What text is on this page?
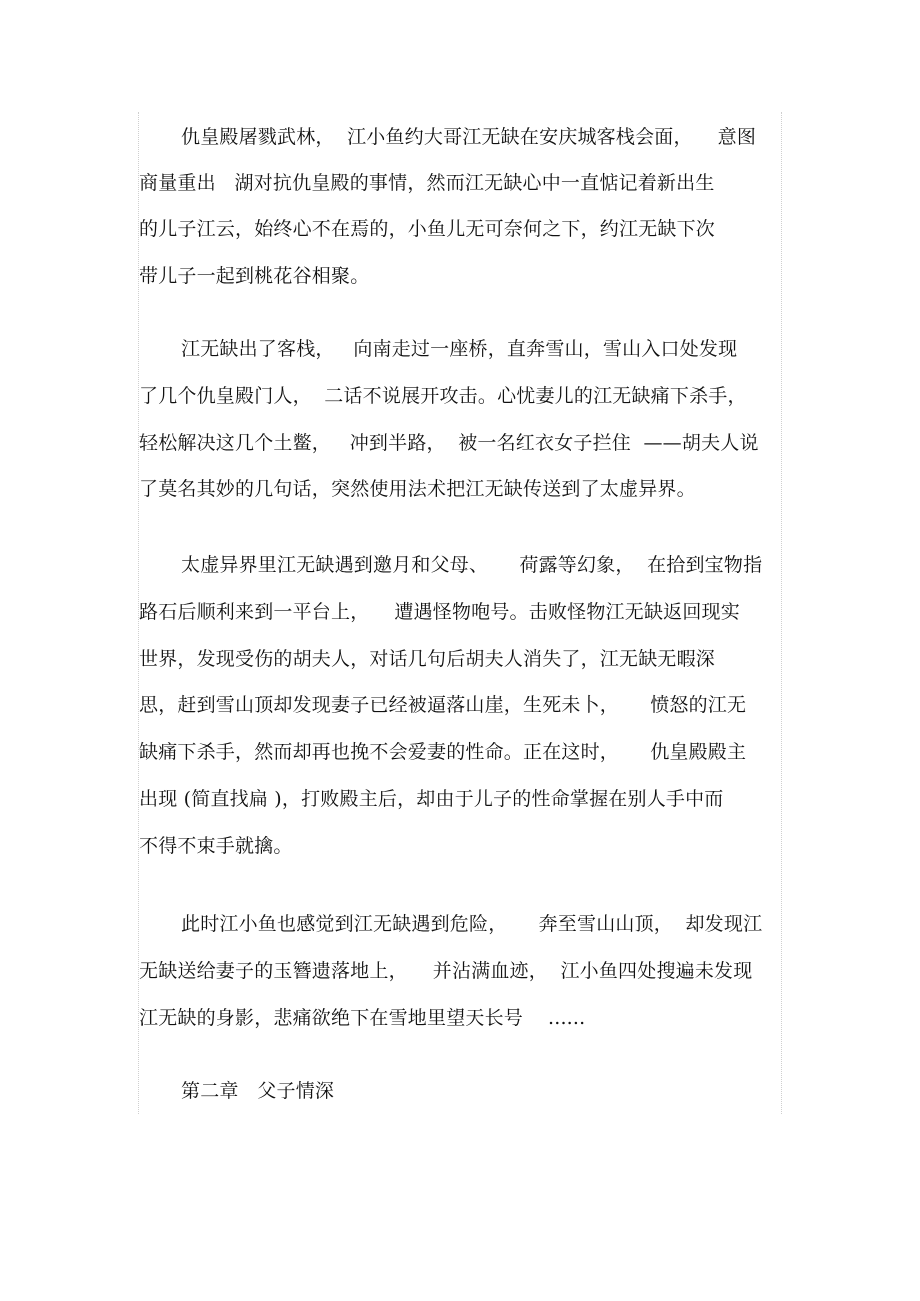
仇皇殿屠戮武林，  江小鱼约大哥江无缺在安庆城客栈会面，    意图
商量重出   湖对抗仇皇殿的事情，然而江无缺心中一直惦记着新出生
的儿子江云，始终心不在焉的，小鱼儿无可奈何之下，约江无缺下次
带儿子一起到桃花谷相聚。
江无缺出了客栈，   向南走过一座桥，直奔雪山，雪山入口处发现
了几个仇皇殿门人，  二话不说展开攻击。心忧妻儿的江无缺痛下杀手，
轻松解决这几个土鳖，   冲到半路，  被一名红衣女子拦住  ——胡夫人说
了莫名其妙的几句话，突然使用法术把江无缺传送到了太虚异界。
太虚异界里江无缺遇到邀月和父母、     荷露等幻象，  在拾到宝物指
路石后顺利来到一平台上，    遭遇怪物咆号。击败怪物江无缺返回现实
世界，发现受伤的胡夫人，对话几句后胡夫人消失了，江无缺无暇深
思，赶到雪山顶却发现妻子已经被逼落山崖，生死未卜，     愤怒的江无
缺痛下杀手，然而却再也挽不会爱妻的性命。正在这时，     仇皇殿殿主
出现 (简直找扁 )，打败殿主后，却由于儿子的性命掌握在别人手中而
不得不束手就擒。
此时江小鱼也感觉到江无缺遇到危险，     奔至雪山山顶，  却发现江
无缺送给妻子的玉簪遗落地上，    并沾满血迹，  江小鱼四处搜遍未发现
江无缺的身影，悲痛欲绝下在雪地里望天长号    ......
第二章   父子情深
